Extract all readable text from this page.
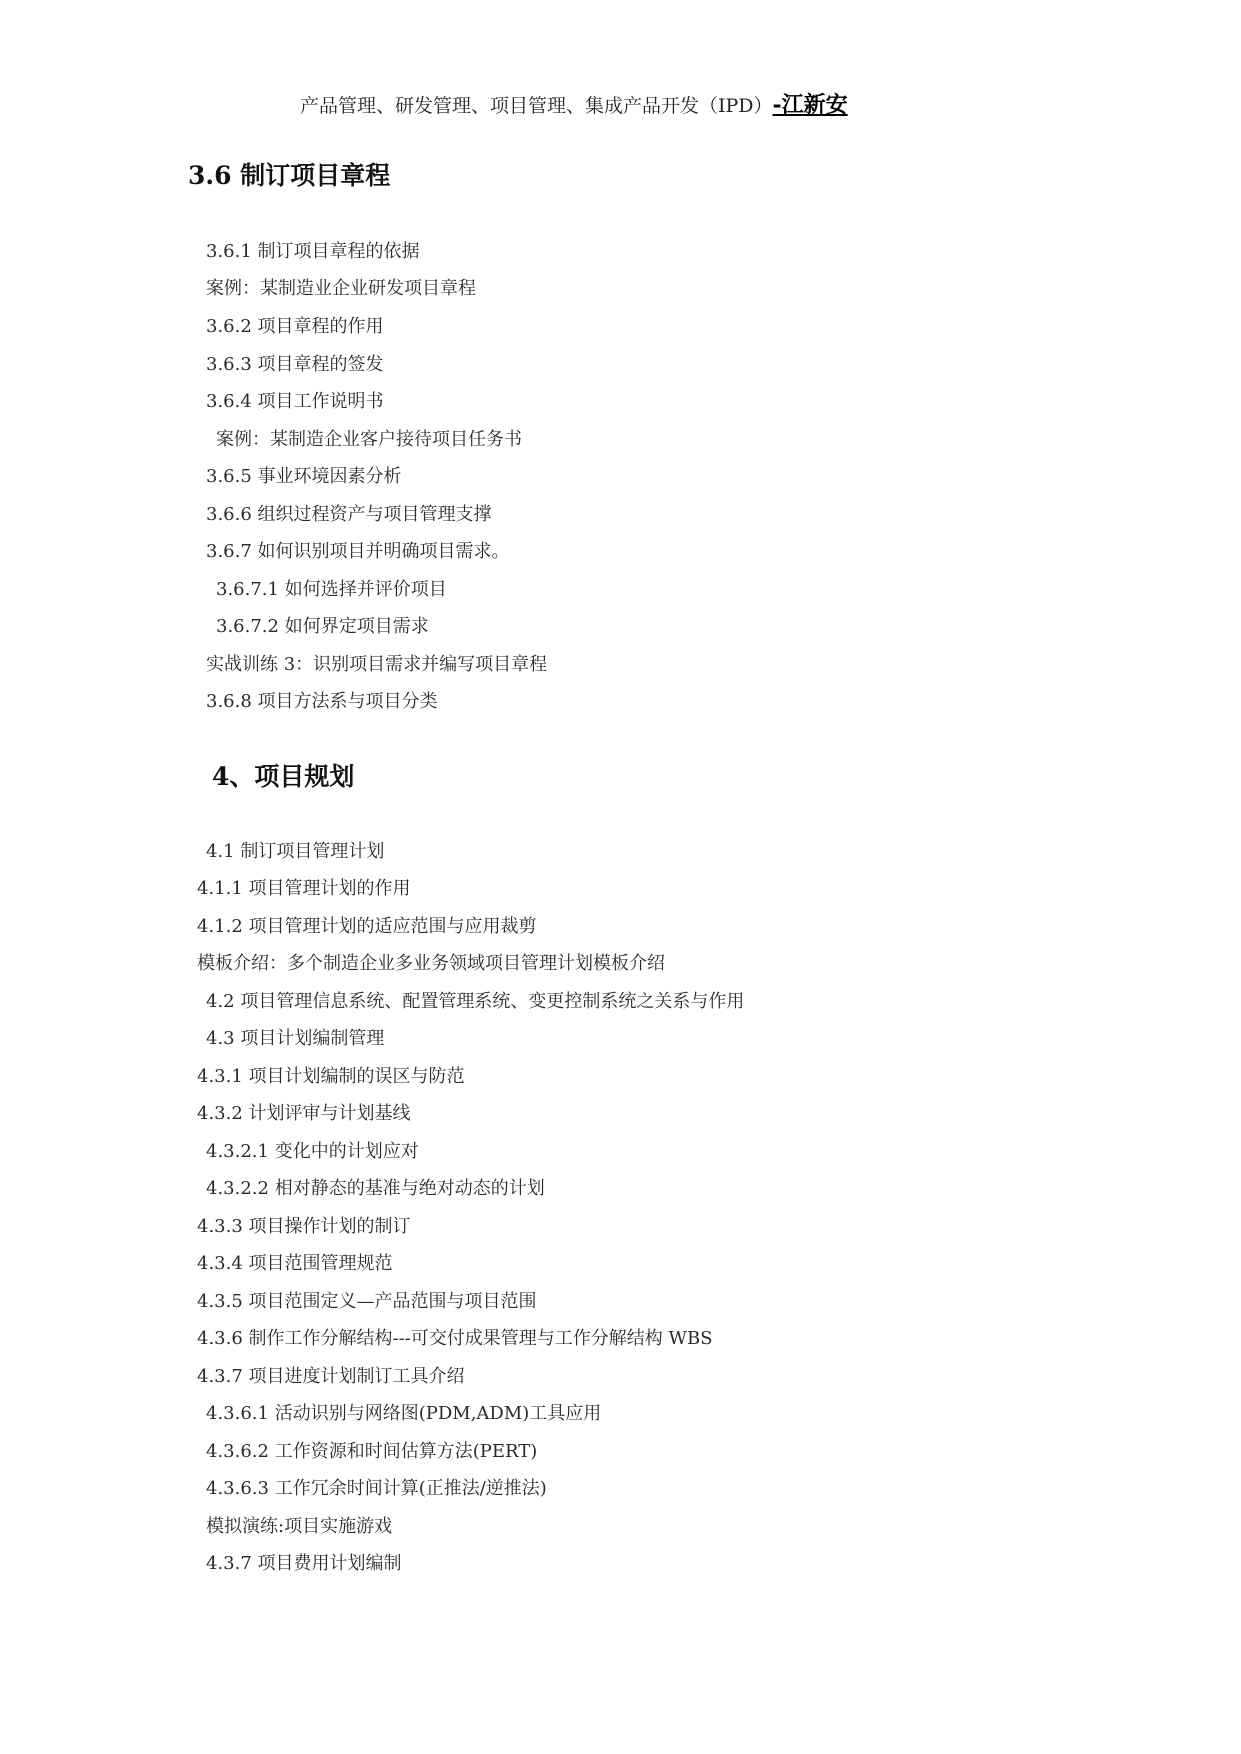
产品管理、研发管理、项目管理、集成产品开发（IPD）-江新安
3.6 制订项目章程
3.6.1 制订项目章程的依据
案例：某制造业企业研发项目章程
3.6.2 项目章程的作用
3.6.3 项目章程的签发
3.6.4 项目工作说明书
案例：某制造企业客户接待项目任务书
3.6.5 事业环境因素分析
3.6.6 组织过程资产与项目管理支撑
3.6.7 如何识别项目并明确项目需求。
3.6.7.1 如何选择并评价项目
3.6.7.2 如何界定项目需求
实战训练 3：识别项目需求并编写项目章程
3.6.8 项目方法系与项目分类
4、项目规划
4.1 制订项目管理计划
4.1.1 项目管理计划的作用
4.1.2 项目管理计划的适应范围与应用裁剪
模板介绍：多个制造企业多业务领域项目管理计划模板介绍
4.2 项目管理信息系统、配置管理系统、变更控制系统之关系与作用
4.3 项目计划编制管理
4.3.1 项目计划编制的误区与防范
4.3.2 计划评审与计划基线
4.3.2.1 变化中的计划应对
4.3.2.2 相对静态的基准与绝对动态的计划
4.3.3 项目操作计划的制订
4.3.4 项目范围管理规范
4.3.5 项目范围定义—产品范围与项目范围
4.3.6 制作工作分解结构---可交付成果管理与工作分解结构 WBS
4.3.7 项目进度计划制订工具介绍
4.3.6.1 活动识别与网络图(PDM,ADM)工具应用
4.3.6.2 工作资源和时间估算方法(PERT)
4.3.6.3 工作冗余时间计算(正推法/逆推法)
模拟演练:项目实施游戏
4.3.7 项目费用计划编制
